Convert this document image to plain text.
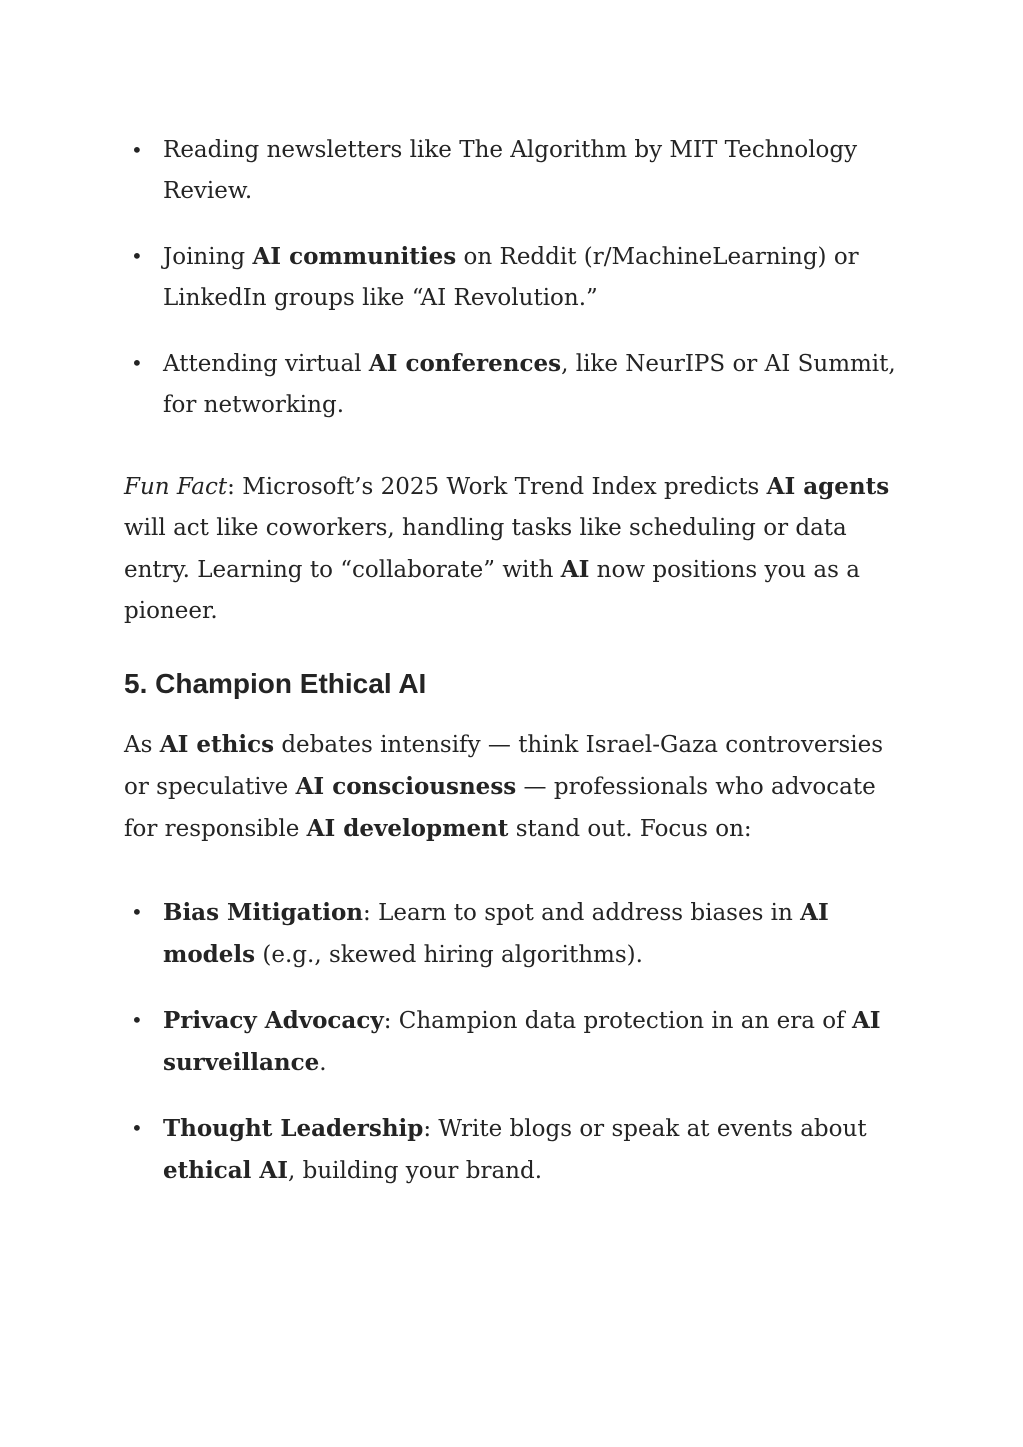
• Reading newsletters like The Algorithm by MIT Technology Review.
• Joining AI communities on Reddit (r/MachineLearning) or LinkedIn groups like “AI Revolution.”
• Attending virtual AI conferences, like NeurIPS or AI Summit, for networking.

Fun Fact: Microsoft’s 2025 Work Trend Index predicts AI agents will act like coworkers, handling tasks like scheduling or data entry. Learning to “collaborate” with AI now positions you as a pioneer.

5. Champion Ethical AI

As AI ethics debates intensify — think Israel-Gaza controversies or speculative AI consciousness — professionals who advocate for responsible AI development stand out. Focus on:

• Bias Mitigation: Learn to spot and address biases in AI models (e.g., skewed hiring algorithms).
• Privacy Advocacy: Champion data protection in an era of AI surveillance.
• Thought Leadership: Write blogs or speak at events about ethical AI, building your brand.
